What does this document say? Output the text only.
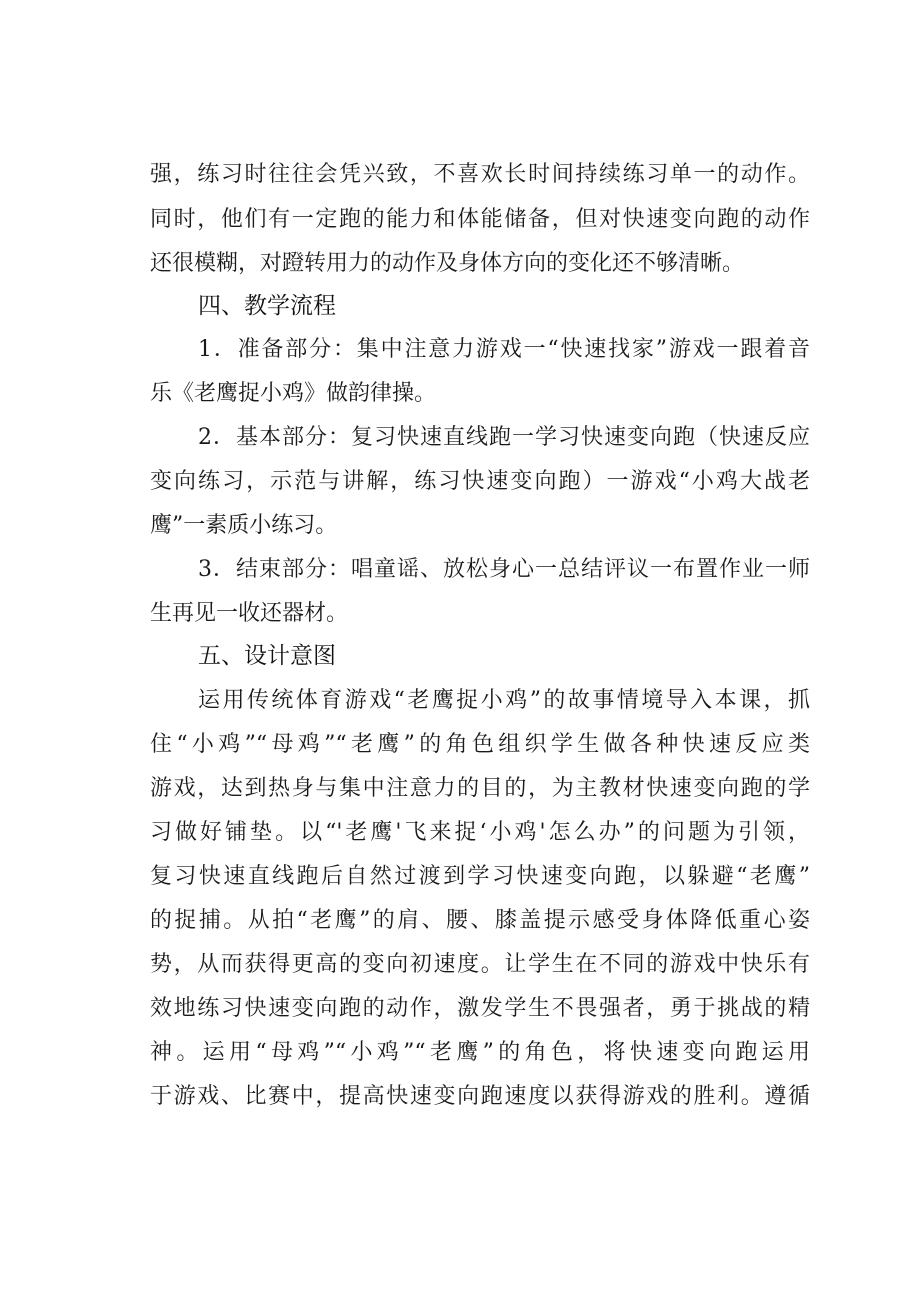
强，练习时往往会凭兴致，不喜欢长时间持续练习单一的动作。
同时，他们有一定跑的能力和体能储备，但对快速变向跑的动作
还很模糊，对蹬转用力的动作及身体方向的变化还不够清晰。
四、教学流程
1．准备部分：集中注意力游戏一“快速找家”游戏一跟着音
乐《老鹰捉小鸡》做韵律操。
2．基本部分：复习快速直线跑一学习快速变向跑（快速反应
变向练习，示范与讲解，练习快速变向跑）一游戏“小鸡大战老
鹰”一素质小练习。
3．结束部分：唱童谣、放松身心一总结评议一布置作业一师
生再见一收还器材。
五、设计意图
运用传统体育游戏“老鹰捉小鸡”的故事情境导入本课，抓
住“小鸡”“母鸡”“老鹰”的角色组织学生做各种快速反应类
游戏，达到热身与集中注意力的目的，为主教材快速变向跑的学
习做好铺垫。以“'老鹰'飞来捉‘小鸡'怎么办”的问题为引领，
复习快速直线跑后自然过渡到学习快速变向跑，以躲避“老鹰”
的捉捕。从拍“老鹰”的肩、腰、膝盖提示感受身体降低重心姿
势，从而获得更高的变向初速度。让学生在不同的游戏中快乐有
效地练习快速变向跑的动作，激发学生不畏强者，勇于挑战的精
神。运用“母鸡”“小鸡”“老鹰”的角色，将快速变向跑运用
于游戏、比赛中，提高快速变向跑速度以获得游戏的胜利。遵循
